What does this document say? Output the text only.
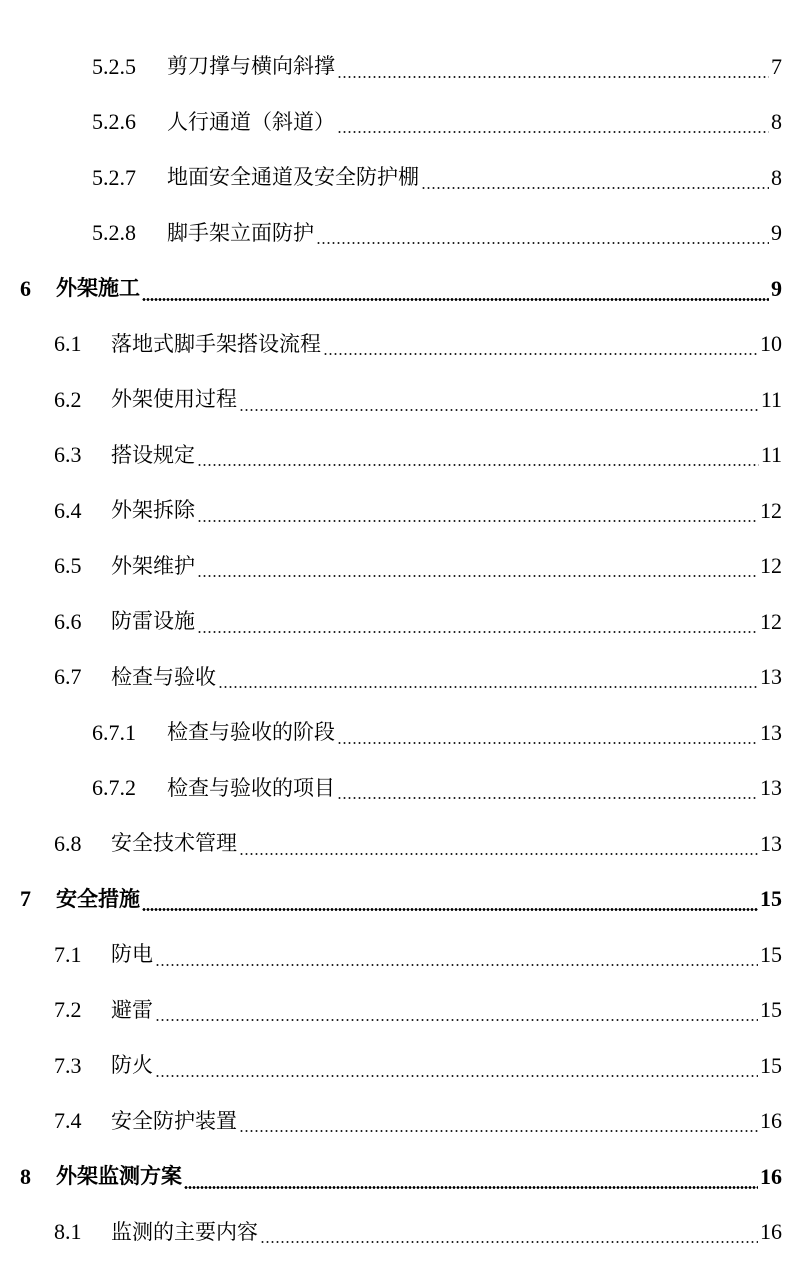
5.2.5	剪刀撑与横向斜撑	7
5.2.6	人行通道（斜道）	8
5.2.7	地面安全通道及安全防护棚	8
5.2.8	脚手架立面防护	9
6	外架施工	9
6.1	落地式脚手架搭设流程	10
6.2	外架使用过程	11
6.3	搭设规定	11
6.4	外架拆除	12
6.5	外架维护	12
6.6	防雷设施	12
6.7	检查与验收	13
6.7.1	检查与验收的阶段	13
6.7.2	检查与验收的项目	13
6.8	安全技术管理	13
7	安全措施	15
7.1	防电	15
7.2	避雷	15
7.3	防火	15
7.4	安全防护装置	16
8	外架监测方案	16
8.1	监测的主要内容	16
